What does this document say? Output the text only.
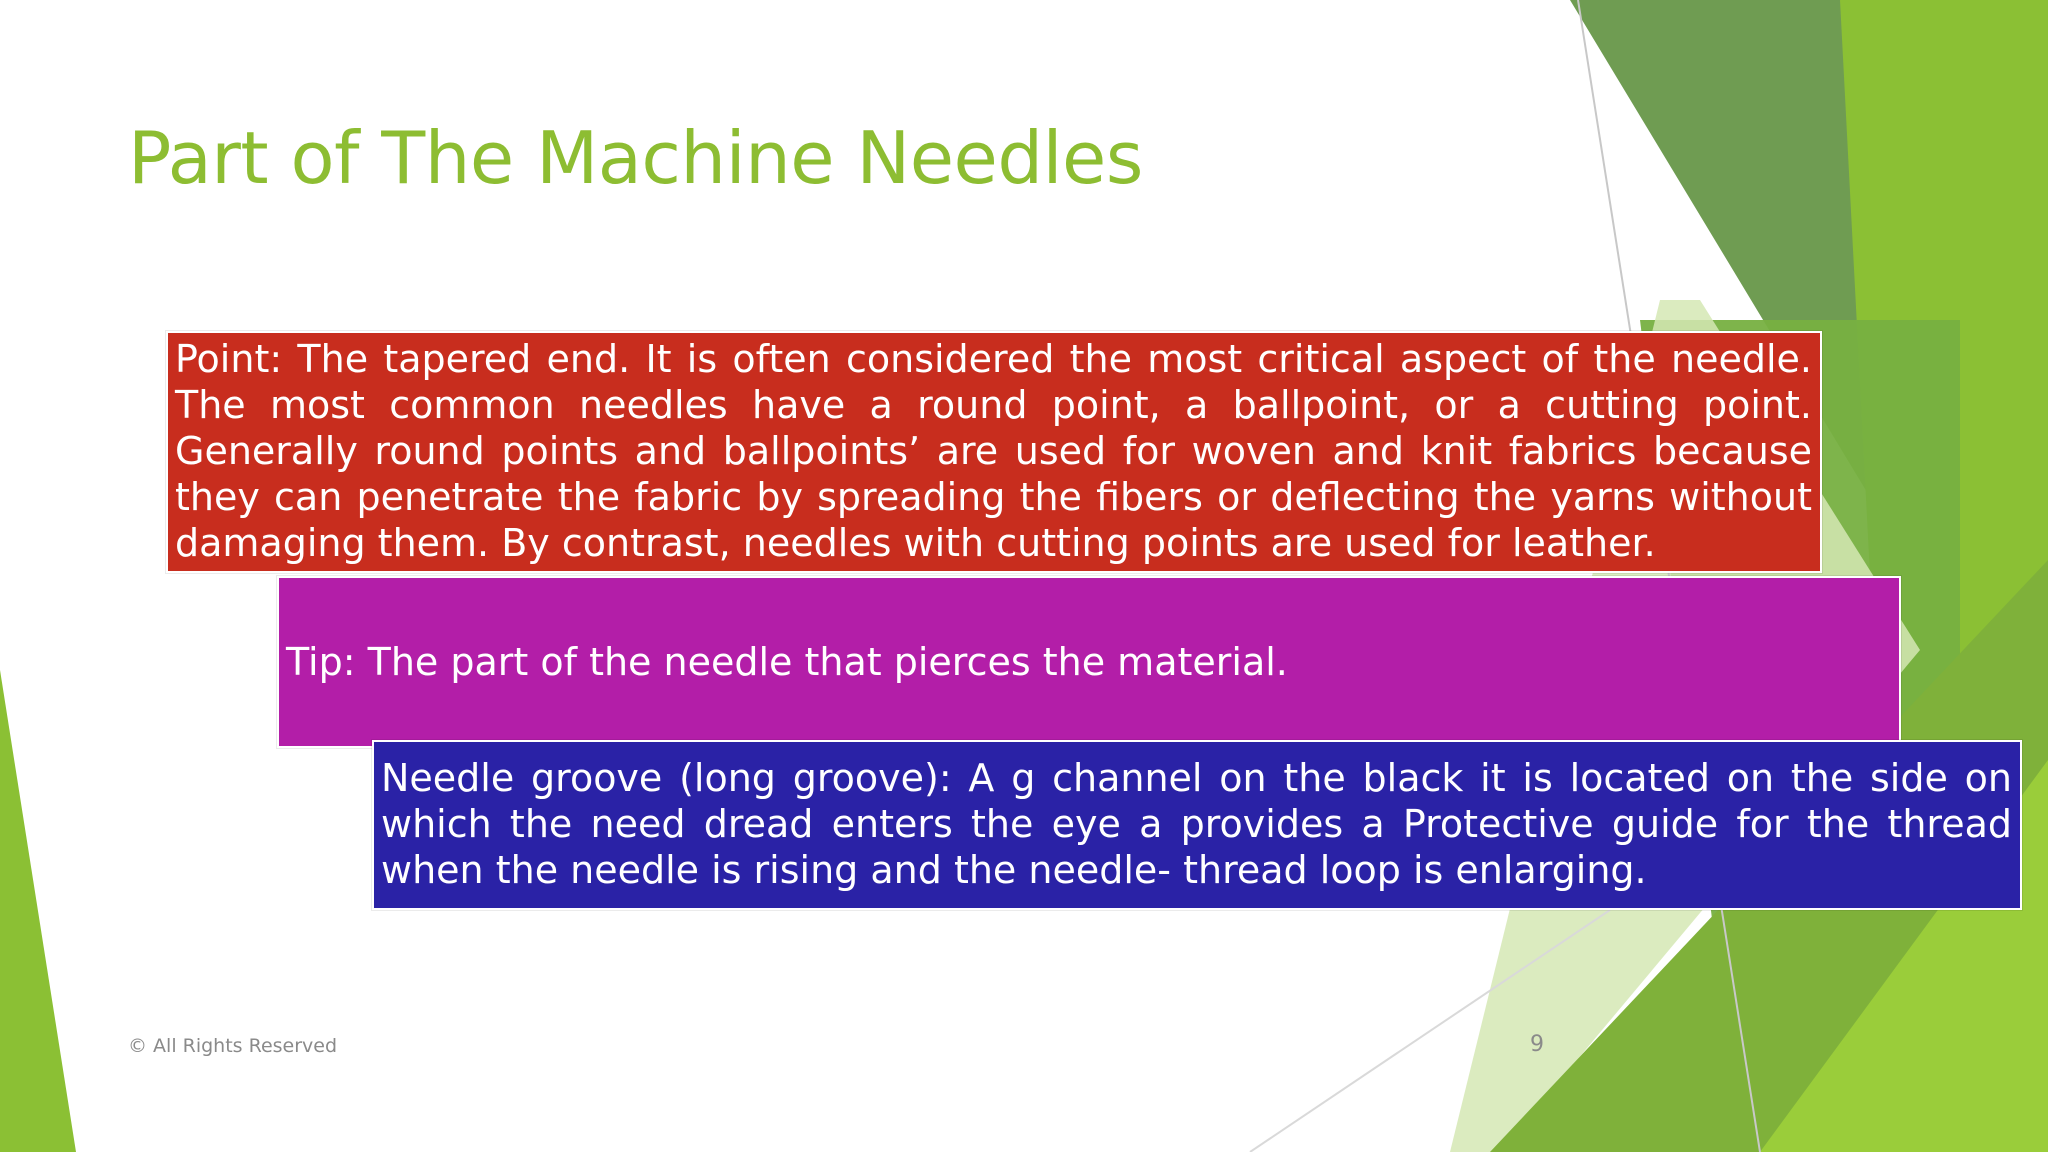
Part of The Machine Needles
Point: The tapered end. It is often considered the most critical aspect of the needle. The most common needles have a round point, a ballpoint, or a cutting point. Generally round points and ballpoints’ are used for woven and knit fabrics because they can penetrate the fabric by spreading the fibers or deflecting the yarns without damaging them. By contrast, needles with cutting points are used for leather.
Tip: The part of the needle that pierces the material.
Needle groove (long groove): A g channel on the black it is located on the side on which the need dread enters the eye a provides a Protective guide for the thread when the needle is rising and the needle- thread loop is enlarging.
© All Rights Reserved	9
